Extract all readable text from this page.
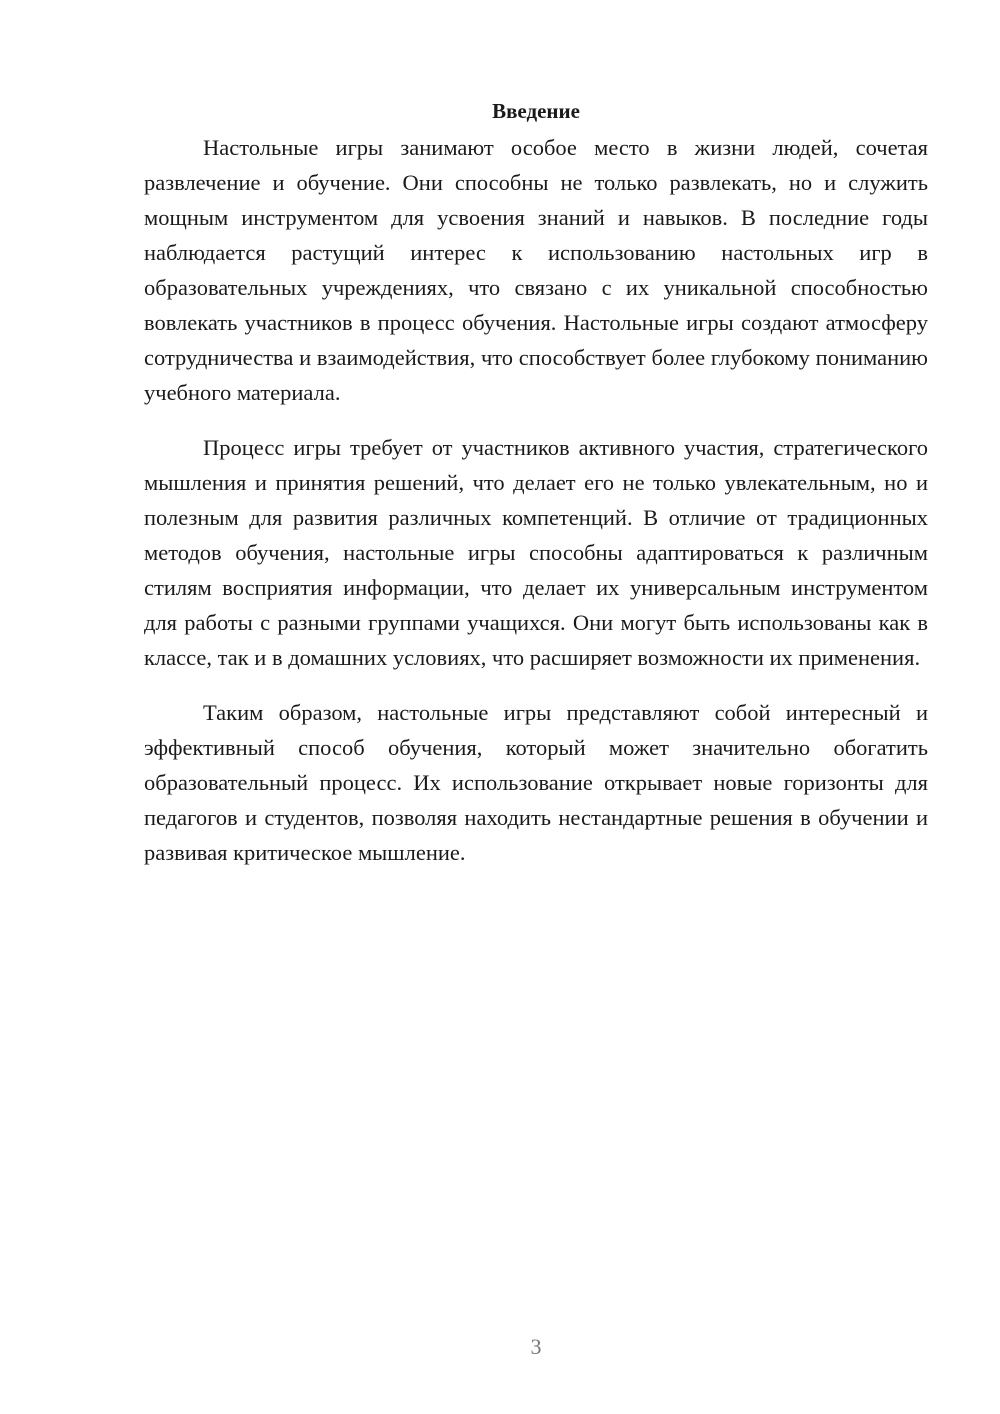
Введение

Настольные игры занимают особое место в жизни людей, сочетая развлечение и обучение. Они способны не только развлекать, но и служить мощным инструментом для усвоения знаний и навыков. В последние годы наблюдается растущий интерес к использованию настольных игр в образовательных учреждениях, что связано с их уникальной способностью вовлекать участников в процесс обучения. Настольные игры создают атмосферу сотрудничества и взаимодействия, что способствует более глубокому пониманию учебного материала.

Процесс игры требует от участников активного участия, стратегического мышления и принятия решений, что делает его не только увлекательным, но и полезным для развития различных компетенций. В отличие от традиционных методов обучения, настольные игры способны адаптироваться к различным стилям восприятия информации, что делает их универсальным инструментом для работы с разными группами учащихся. Они могут быть использованы как в классе, так и в домашних условиях, что расширяет возможности их применения.

Таким образом, настольные игры представляют собой интересный и эффективный способ обучения, который может значительно обогатить образовательный процесс. Их использование открывает новые горизонты для педагогов и студентов, позволяя находить нестандартные решения в обучении и развивая критическое мышление.

3
